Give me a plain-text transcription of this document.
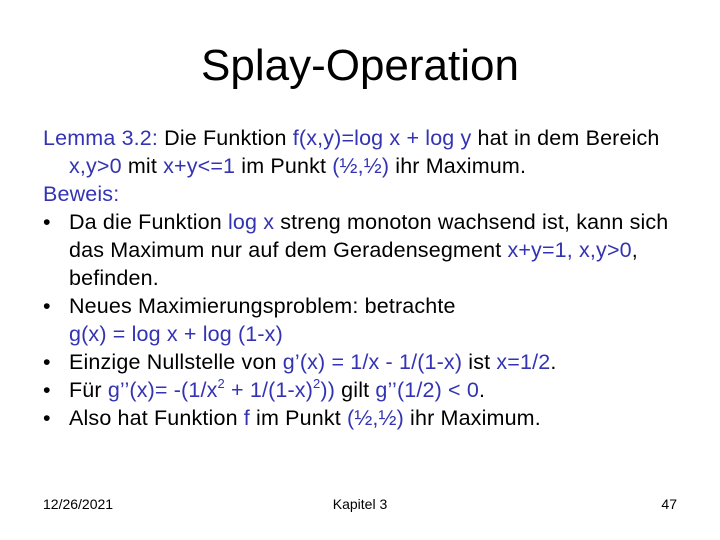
Splay-Operation
Lemma 3.2: Die Funktion f(x,y)=log x + log y hat in dem Bereich x,y>0 mit x+y<=1 im Punkt (½,½) ihr Maximum.
Beweis:
• Da die Funktion log x streng monoton wachsend ist, kann sich das Maximum nur auf dem Geradensegment x+y=1, x,y>0, befinden.
• Neues Maximierungsproblem: betrachte
g(x) = log x + log (1-x)
• Einzige Nullstelle von g’(x) = 1/x - 1/(1-x) ist x=1/2.
• Für g’’(x)= $-(1/x^2 + 1/(1-x)^2)$) gilt g’’(1/2) < 0.
• Also hat Funktion f im Punkt (½,½) ihr Maximum.
12/26/2021	Kapitel 3	47
